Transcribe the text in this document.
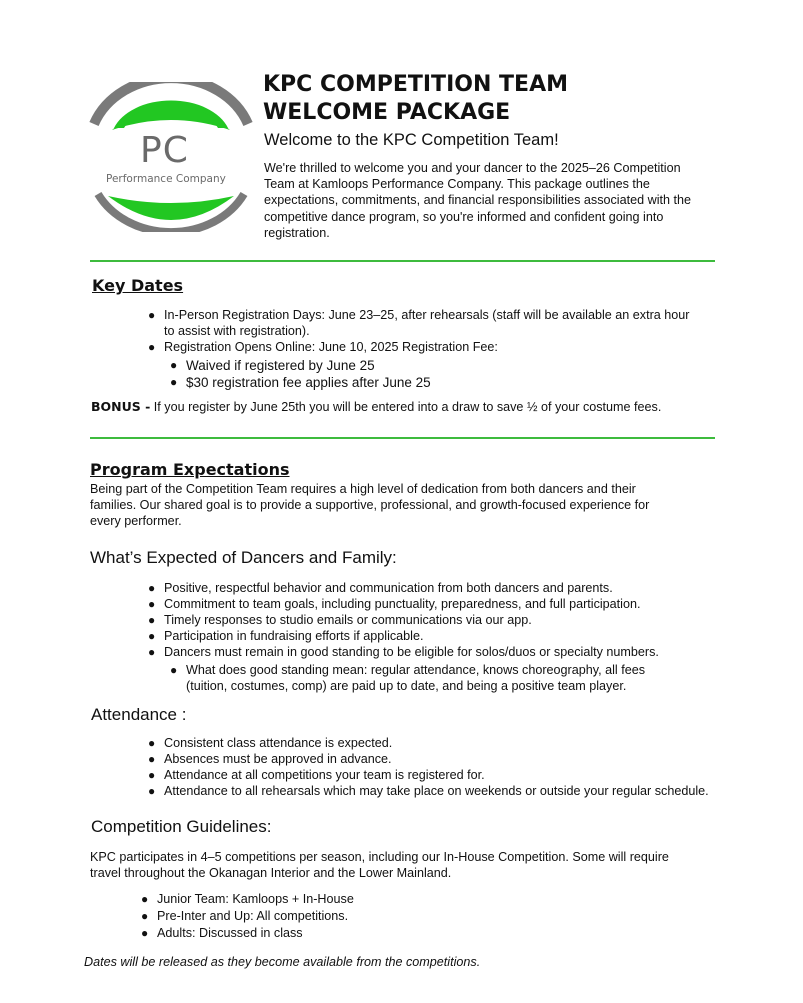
PC
Performance Company
KPC COMPETITION TEAM
WELCOME PACKAGE
Welcome to the KPC Competition Team!
We're thrilled to welcome you and your dancer to the 2025–26 Competition
Team at Kamloops Performance Company. This package outlines the
expectations, commitments, and financial responsibilities associated with the
competitive dance program, so you're informed and confident going into
registration.
Key Dates
● In-Person Registration Days: June 23–25, after rehearsals (staff will be available an extra hour
to assist with registration).
● Registration Opens Online: June 10, 2025 Registration Fee:
● Waived if registered by June 25
● $30 registration fee applies after June 25
BONUS - If you register by June 25th you will be entered into a draw to save ½ of your costume fees.
Program Expectations
Being part of the Competition Team requires a high level of dedication from both dancers and their
families. Our shared goal is to provide a supportive, professional, and growth-focused experience for
every performer.
What’s Expected of Dancers and Family:
● Positive, respectful behavior and communication from both dancers and parents.
● Commitment to team goals, including punctuality, preparedness, and full participation.
● Timely responses to studio emails or communications via our app.
● Participation in fundraising efforts if applicable.
● Dancers must remain in good standing to be eligible for solos/duos or specialty numbers.
● What does good standing mean: regular attendance, knows choreography, all fees
(tuition, costumes, comp) are paid up to date, and being a positive team player.
Attendance :
● Consistent class attendance is expected.
● Absences must be approved in advance.
● Attendance at all competitions your team is registered for.
● Attendance to all rehearsals which may take place on weekends or outside your regular schedule.
Competition Guidelines:
KPC participates in 4–5 competitions per season, including our In-House Competition. Some will require
travel throughout the Okanagan Interior and the Lower Mainland.
● Junior Team: Kamloops + In-House
● Pre-Inter and Up: All competitions.
● Adults: Discussed in class
Dates will be released as they become available from the competitions.
